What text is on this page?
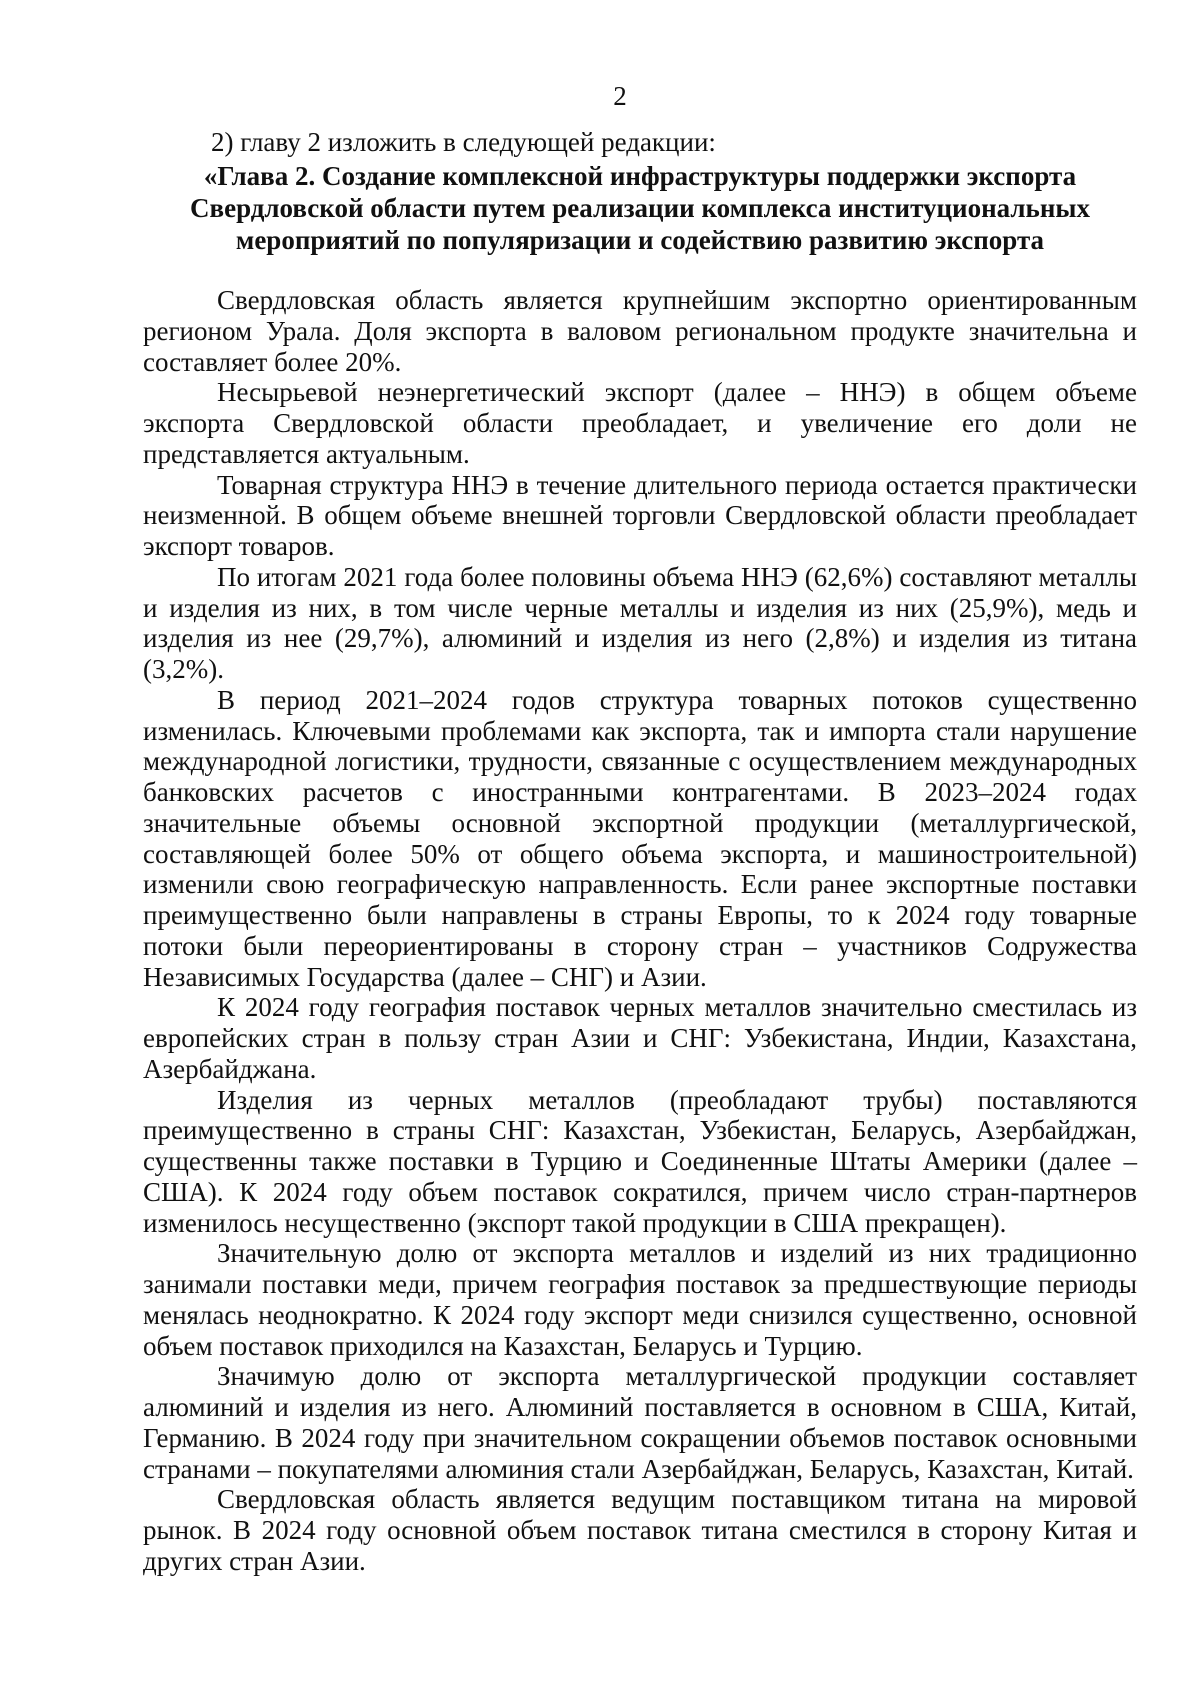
2

2) главу 2 изложить в следующей редакции:

«Глава 2. Создание комплексной инфраструктуры поддержки экспорта Свердловской области путем реализации комплекса институциональных мероприятий по популяризации и содействию развитию экспорта

Свердловская область является крупнейшим экспортно ориентированным регионом Урала. Доля экспорта в валовом региональном продукте значительна и составляет более 20%.

Несырьевой неэнергетический экспорт (далее – ННЭ) в общем объеме экспорта Свердловской области преобладает, и увеличение его доли не представляется актуальным.

Товарная структура ННЭ в течение длительного периода остается практически неизменной. В общем объеме внешней торговли Свердловской области преобладает экспорт товаров.

По итогам 2021 года более половины объема ННЭ (62,6%) составляют металлы и изделия из них, в том числе черные металлы и изделия из них (25,9%), медь и изделия из нее (29,7%), алюминий и изделия из него (2,8%) и изделия из титана (3,2%).

В период 2021–2024 годов структура товарных потоков существенно изменилась. Ключевыми проблемами как экспорта, так и импорта стали нарушение международной логистики, трудности, связанные с осуществлением международных банковских расчетов с иностранными контрагентами. В 2023–2024 годах значительные объемы основной экспортной продукции (металлургической, составляющей более 50% от общего объема экспорта, и машиностроительной) изменили свою географическую направленность. Если ранее экспортные поставки преимущественно были направлены в страны Европы, то к 2024 году товарные потоки были переориентированы в сторону стран – участников Содружества Независимых Государства (далее – СНГ) и Азии.

К 2024 году география поставок черных металлов значительно сместилась из европейских стран в пользу стран Азии и СНГ: Узбекистана, Индии, Казахстана, Азербайджана.

Изделия из черных металлов (преобладают трубы) поставляются преимущественно в страны СНГ: Казахстан, Узбекистан, Беларусь, Азербайджан, существенны также поставки в Турцию и Соединенные Штаты Америки (далее – США). К 2024 году объем поставок сократился, причем число стран-партнеров изменилось несущественно (экспорт такой продукции в США прекращен).

Значительную долю от экспорта металлов и изделий из них традиционно занимали поставки меди, причем география поставок за предшествующие периоды менялась неоднократно. К 2024 году экспорт меди снизился существенно, основной объем поставок приходился на Казахстан, Беларусь и Турцию.

Значимую долю от экспорта металлургической продукции составляет алюминий и изделия из него. Алюминий поставляется в основном в США, Китай, Германию. В 2024 году при значительном сокращении объемов поставок основными странами – покупателями алюминия стали Азербайджан, Беларусь, Казахстан, Китай.

Свердловская область является ведущим поставщиком титана на мировой рынок. В 2024 году основной объем поставок титана сместился в сторону Китая и других стран Азии.
